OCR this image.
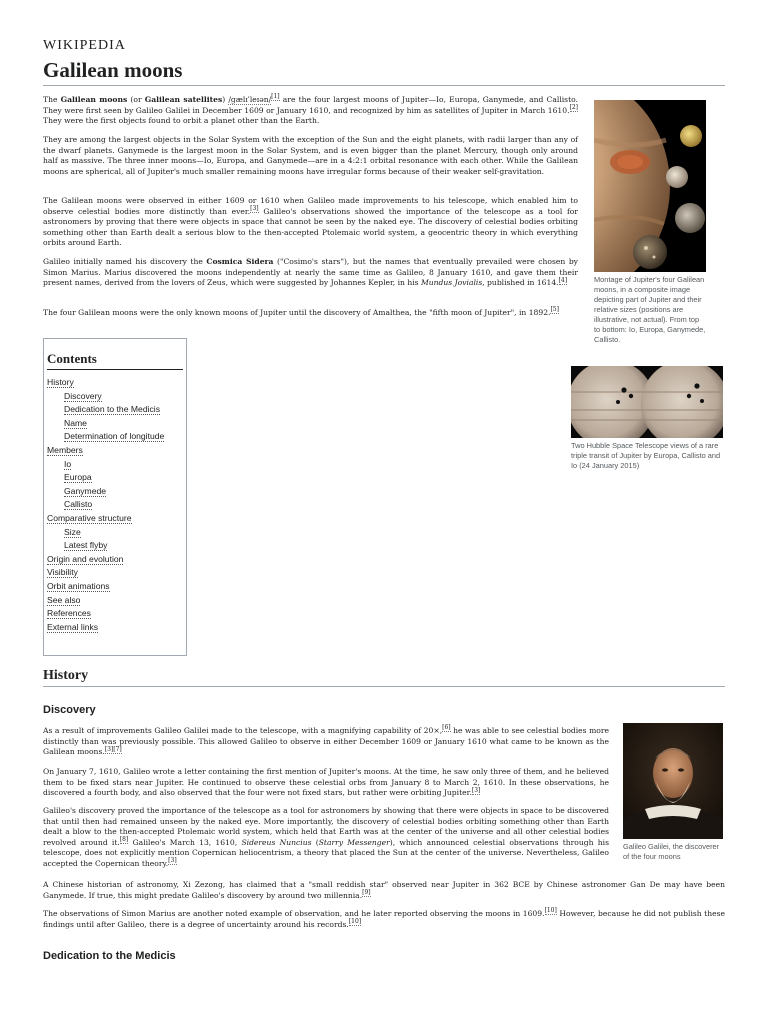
WIKIPEDIA
Galilean moons

The Galilean moons (or Galilean satellites) /ɡælɪˈleɪən/[1] are the four largest moons of Jupiter—Io, Europa, Ganymede, and Callisto. They were first seen by Galileo Galilei in December 1609 or January 1610, and recognized by him as satellites of Jupiter in March 1610.[2] They were the first objects found to orbit a planet other than the Earth.

They are among the largest objects in the Solar System with the exception of the Sun and the eight planets, with radii larger than any of the dwarf planets. Ganymede is the largest moon in the Solar System, and is even bigger than the planet Mercury, though only around half as massive. The three inner moons—Io, Europa, and Ganymede—are in a 4:2:1 orbital resonance with each other. While the Galilean moons are spherical, all of Jupiter's much smaller remaining moons have irregular forms because of their weaker self-gravitation.

The Galilean moons were observed in either 1609 or 1610 when Galileo made improvements to his telescope, which enabled him to observe celestial bodies more distinctly than ever.[3] Galileo's observations showed the importance of the telescope as a tool for astronomers by proving that there were objects in space that cannot be seen by the naked eye. The discovery of celestial bodies orbiting something other than Earth dealt a serious blow to the then-accepted Ptolemaic world system, a geocentric theory in which everything orbits around Earth.

Galileo initially named his discovery the Cosmica Sidera ("Cosimo's stars"), but the names that eventually prevailed were chosen by Simon Marius. Marius discovered the moons independently at nearly the same time as Galileo, 8 January 1610, and gave them their present names, derived from the lovers of Zeus, which were suggested by Johannes Kepler, in his Mundus Jovialis, published in 1614.[4]

The four Galilean moons were the only known moons of Jupiter until the discovery of Amalthea, the "fifth moon of Jupiter", in 1892.[5]

Montage of Jupiter's four Galilean moons, in a composite image depicting part of Jupiter and their relative sizes (positions are illustrative, not actual). From top to bottom: Io, Europa, Ganymede, Callisto.
Two Hubble Space Telescope views of a rare triple transit of Jupiter by Europa, Callisto and Io (24 January 2015)
Contents
History
Discovery
Dedication to the Medicis
Name
Determination of longitude
Members
Io
Europa
Ganymede
Callisto
Comparative structure
Size
Latest flyby
Origin and evolution
Visibility
Orbit animations
See also
References
External links
History
Discovery

As a result of improvements Galileo Galilei made to the telescope, with a magnifying capability of 20×,[6] he was able to see celestial bodies more distinctly than was previously possible. This allowed Galileo to observe in either December 1609 or January 1610 what came to be known as the Galilean moons.[3][7]

On January 7, 1610, Galileo wrote a letter containing the first mention of Jupiter's moons. At the time, he saw only three of them, and he believed them to be fixed stars near Jupiter. He continued to observe these celestial orbs from January 8 to March 2, 1610. In these observations, he discovered a fourth body, and also observed that the four were not fixed stars, but rather were orbiting Jupiter.[3]

Galileo's discovery proved the importance of the telescope as a tool for astronomers by showing that there were objects in space to be discovered that until then had remained unseen by the naked eye. More importantly, the discovery of celestial bodies orbiting something other than Earth dealt a blow to the then-accepted Ptolemaic world system, which held that Earth was at the center of the universe and all other celestial bodies revolved around it.[8] Galileo's March 13, 1610, Sidereus Nuncius (Starry Messenger), which announced celestial observations through his telescope, does not explicitly mention Copernican heliocentrism, a theory that placed the Sun at the center of the universe. Nevertheless, Galileo accepted the Copernican theory.[3]

A Chinese historian of astronomy, Xi Zezong, has claimed that a "small reddish star" observed near Jupiter in 362 BCE by Chinese astronomer Gan De may have been Ganymede. If true, this might predate Galileo's discovery by around two millennia.[9]

The observations of Simon Marius are another noted example of observation, and he later reported observing the moons in 1609.[10] However, because he did not publish these findings until after Galileo, there is a degree of uncertainty around his records.[10]

Galileo Galilei, the discoverer of the four moons
Dedication to the Medicis
